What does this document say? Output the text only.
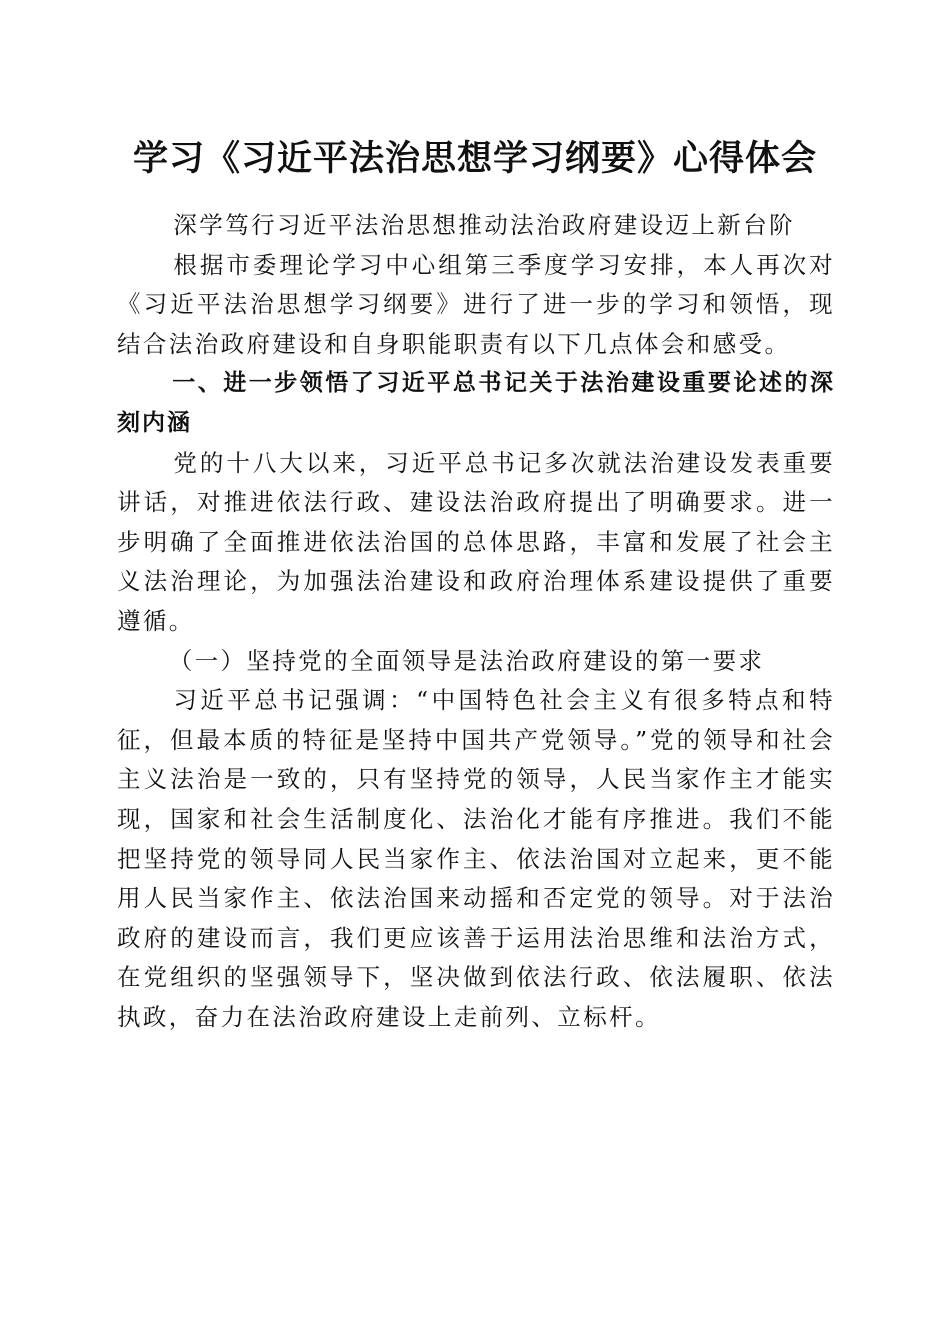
学习《习近平法治思想学习纲要》心得体会

深学笃行习近平法治思想推动法治政府建设迈上新台阶

根据市委理论学习中心组第三季度学习安排，本人再次对《习近平法治思想学习纲要》进行了进一步的学习和领悟，现结合法治政府建设和自身职能职责有以下几点体会和感受。

一、进一步领悟了习近平总书记关于法治建设重要论述的深刻内涵

党的十八大以来，习近平总书记多次就法治建设发表重要讲话，对推进依法行政、建设法治政府提出了明确要求。进一步明确了全面推进依法治国的总体思路，丰富和发展了社会主义法治理论，为加强法治建设和政府治理体系建设提供了重要遵循。

（一）坚持党的全面领导是法治政府建设的第一要求

习近平总书记强调：“中国特色社会主义有很多特点和特征，但最本质的特征是坚持中国共产党领导。”党的领导和社会主义法治是一致的，只有坚持党的领导，人民当家作主才能实现，国家和社会生活制度化、法治化才能有序推进。我们不能把坚持党的领导同人民当家作主、依法治国对立起来，更不能用人民当家作主、依法治国来动摇和否定党的领导。对于法治政府的建设而言，我们更应该善于运用法治思维和法治方式，在党组织的坚强领导下，坚决做到依法行政、依法履职、依法执政，奋力在法治政府建设上走前列、立标杆。
